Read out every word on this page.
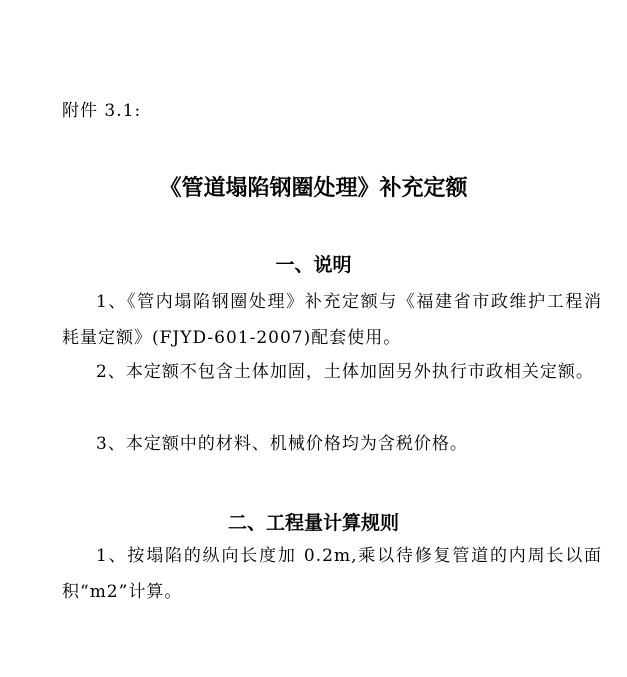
附件 3.1:
《管道塌陷钢圈处理》补充定额
一、说明
1、《管内塌陷钢圈处理》补充定额与《福建省市政维护工程消耗量定额》(FJYD-601-2007)配套使用。
2、本定额不包含土体加固，土体加固另外执行市政相关定额。
3、本定额中的材料、机械价格均为含税价格。
二、工程量计算规则
1、按塌陷的纵向长度加 0.2m,乘以待修复管道的内周长以面积“m2”计算。
